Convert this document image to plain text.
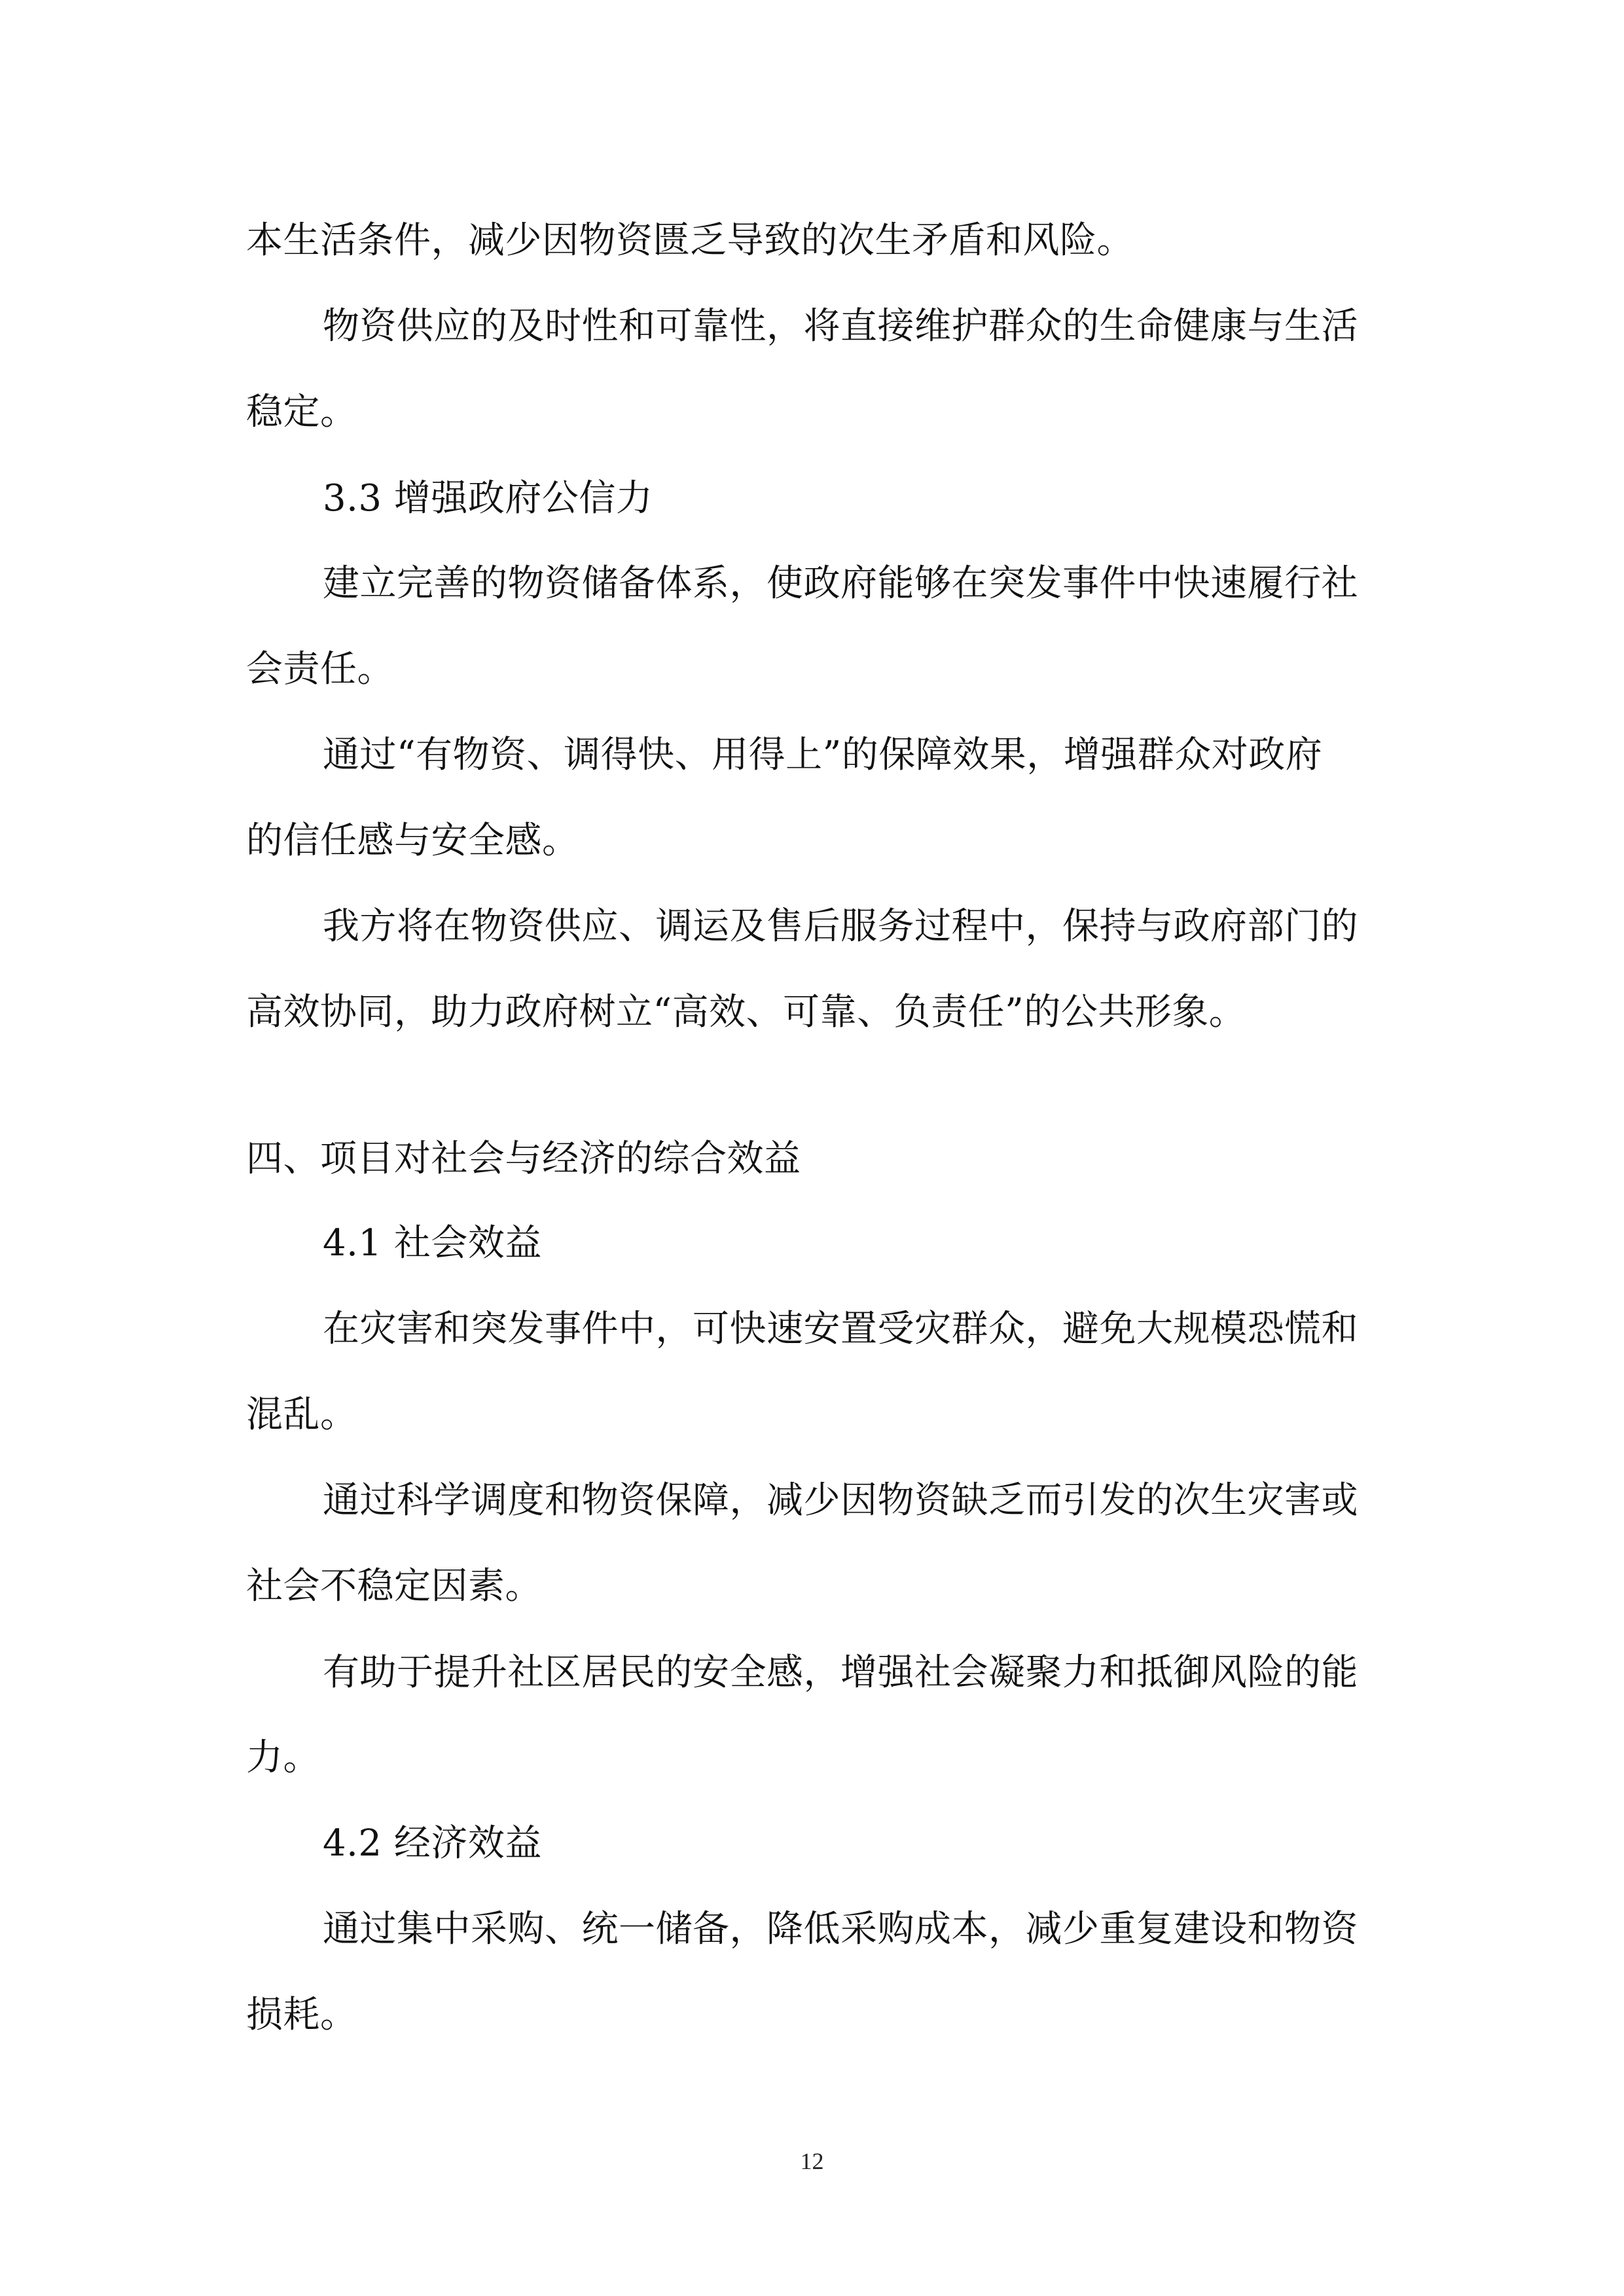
本生活条件，减少因物资匮乏导致的次生矛盾和风险。
物资供应的及时性和可靠性，将直接维护群众的生命健康与生活
稳定。
3.3 增强政府公信力
建立完善的物资储备体系，使政府能够在突发事件中快速履行社
会责任。
通过“有物资、调得快、用得上”的保障效果，增强群众对政府
的信任感与安全感。
我方将在物资供应、调运及售后服务过程中，保持与政府部门的
高效协同，助力政府树立“高效、可靠、负责任”的公共形象。
四、项目对社会与经济的综合效益
4.1 社会效益
在灾害和突发事件中，可快速安置受灾群众，避免大规模恐慌和
混乱。
通过科学调度和物资保障，减少因物资缺乏而引发的次生灾害或
社会不稳定因素。
有助于提升社区居民的安全感，增强社会凝聚力和抵御风险的能
力。
4.2 经济效益
通过集中采购、统一储备，降低采购成本，减少重复建设和物资
损耗。
12
